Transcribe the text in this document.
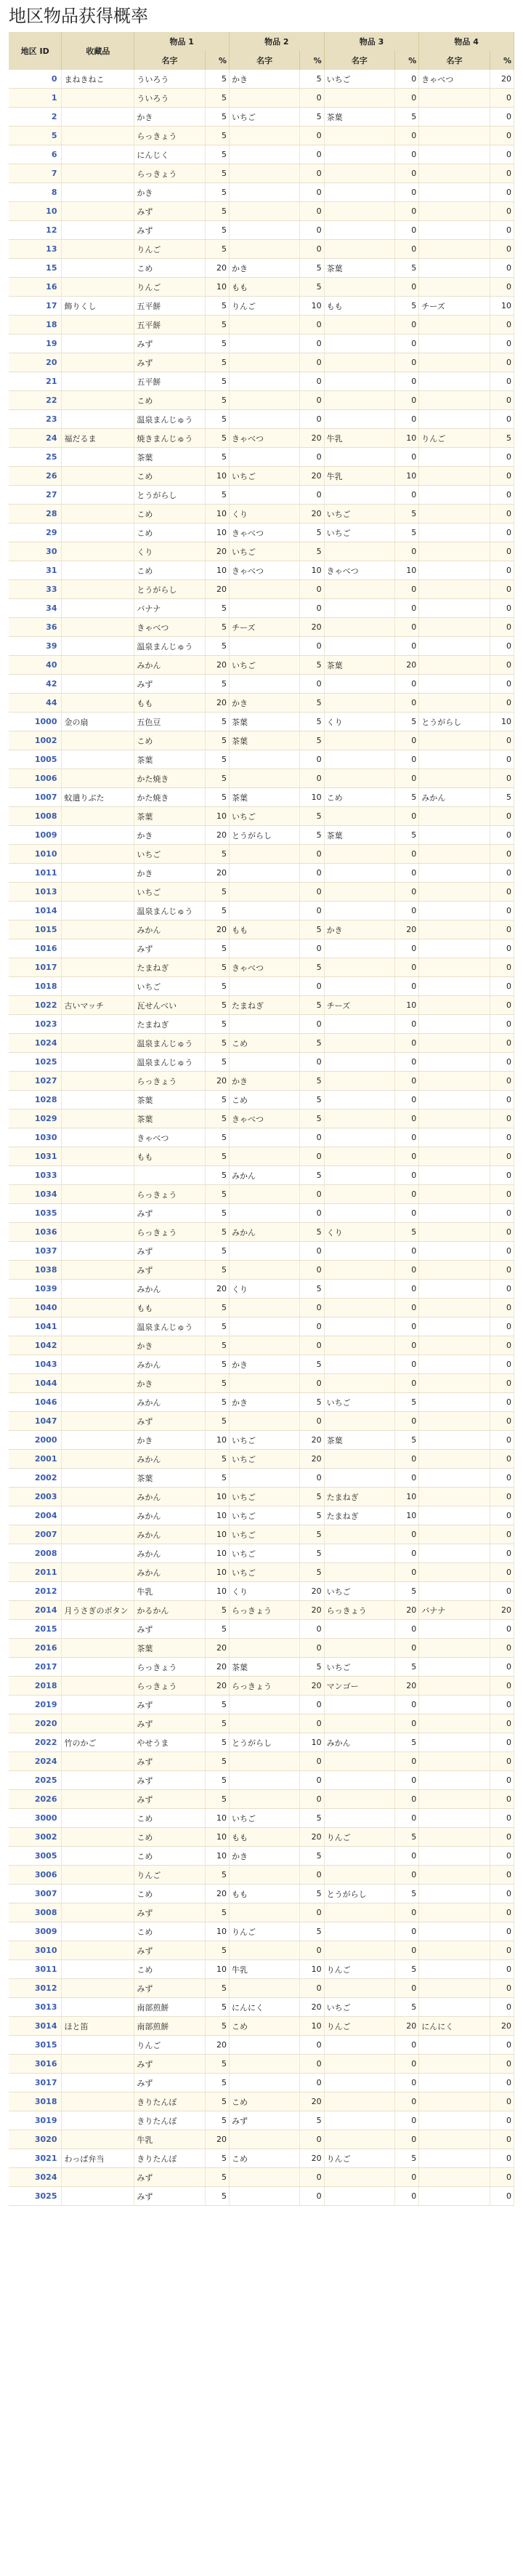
地区物品获得概率
地区 ID	收藏品	物品 1		物品 2		物品 3		物品 4	
		名字	%	名字	%	名字	%	名字	%
0	まねきねこ	ういろう	5	かき	5	いちご	0	きゃべつ	20
1		ういろう	5		0		0		0
2		かき	5	いちご	5	茶葉	5		0
5		らっきょう	5		0		0		0
6		にんじく	5		0		0		0
7		らっきょう	5		0		0		0
8		かき	5		0		0		0
10		みず	5		0		0		0
12		みず	5		0		0		0
13		りんご	5		0		0		0
15		こめ	20	かき	5	茶葉	5		0
16		りんご	10	もも	5		0		0
17	飾りくし	五平餅	5	りんご	10	もも	5	チーズ	10
18		五平餅	5		0		0		0
19		みず	5		0		0		0
20		みず	5		0		0		0
21		五平餅	5		0		0		0
22		こめ	5		0		0		0
23		温泉まんじゅう	5		0		0		0
24	福だるま	焼きまんじゅう	5	きゃべつ	20	牛乳	10	りんご	5
25		茶葉	5		0		0		0
26		こめ	10	いちご	20	牛乳	10		0
27		とうがらし	5		0		0		0
28		こめ	10	くり	20	いちご	5		0
29		こめ	10	きゃべつ	5	いちご	5		0
30		くり	20	いちご	5		0		0
31		こめ	10	きゃべつ	10	きゃべつ	10		0
33		とうがらし	20		0		0		0
34		バナナ	5		0		0		0
36		きゃべつ	5	チーズ	20		0		0
39		温泉まんじゅう	5		0		0		0
40		みかん	20	いちご	5	茶葉	20		0
42		みず	5		0		0		0
44		もも	20	かき	5		0		0
1000	金の扇	五色豆	5	茶葉	5	くり	5	とうがらし	10
1002		こめ	5	茶葉	5		0		0
1005		茶葉	5		0		0		0
1006		かた焼き	5		0		0		0
1007	蚊遣りぶた	かた焼き	5	茶葉	10	こめ	5	みかん	5
1008		茶葉	10	いちご	5		0		0
1009		かき	20	とうがらし	5	茶葉	5		0
1010		いちご	5		0		0		0
1011		かき	20		0		0		0
1013		いちご	5		0		0		0
1014		温泉まんじゅう	5		0		0		0
1015		みかん	20	もも	5	かき	20		0
1016		みず	5		0		0		0
1017		たまねぎ	5	きゃべつ	5		0		0
1018		いちご	5		0		0		0
1022	古いマッチ	瓦せんべい	5	たまねぎ	5	チーズ	10		0
1023		たまねぎ	5		0		0		0
1024		温泉まんじゅう	5	こめ	5		0		0
1025		温泉まんじゅう	5		0		0		0
1027		らっきょう	20	かき	5		0		0
1028		茶葉	5	こめ	5		0		0
1029		茶葉	5	きゃべつ	5		0		0
1030		きゃべつ	5		0		0		0
1031		もも	5		0		0		0
1033			5	みかん	5		0		0
1034		らっきょう	5		0		0		0
1035		みず	5		0		0		0
1036		らっきょう	5	みかん	5	くり	5		0
1037		みず	5		0		0		0
1038		みず	5		0		0		0
1039		みかん	20	くり	5		0		0
1040		もも	5		0		0		0
1041		温泉まんじゅう	5		0		0		0
1042		かき	5		0		0		0
1043		みかん	5	かき	5		0		0
1044		かき	5		0		0		0
1046		みかん	5	かき	5	いちご	5		0
1047		みず	5		0		0		0
2000		かき	10	いちご	20	茶葉	5		0
2001		みかん	5	いちご	20		0		0
2002		茶葉	5		0		0		0
2003		みかん	10	いちご	5	たまねぎ	10		0
2004		みかん	10	いちご	5	たまねぎ	10		0
2007		みかん	10	いちご	5		0		0
2008		みかん	10	いちご	5		0		0
2011		みかん	10	いちご	5		0		0
2012		牛乳	10	くり	20	いちご	5		0
2014	月うさぎのボタン	かるかん	5	らっきょう	20	らっきょう	20	バナナ	20
2015		みず	5		0		0		0
2016		茶葉	20		0		0		0
2017		らっきょう	20	茶葉	5	いちご	5		0
2018		らっきょう	20	らっきょう	20	マンゴー	20		0
2019		みず	5		0		0		0
2020		みず	5		0		0		0
2022	竹のかご	やせうま	5	とうがらし	10	みかん	5		0
2024		みず	5		0		0		0
2025		みず	5		0		0		0
2026		みず	5		0		0		0
3000		こめ	10	いちご	5		0		0
3002		こめ	10	もも	20	りんご	5		0
3005		こめ	10	かき	5		0		0
3006		りんご	5		0		0		0
3007		こめ	20	もも	5	とうがらし	5		0
3008		みず	5		0		0		0
3009		こめ	10	りんご	5		0		0
3010		みず	5		0		0		0
3011		こめ	10	牛乳	10	りんご	5		0
3012		みず	5		0		0		0
3013		南部煎餅	5	にんにく	20	いちご	5		0
3014	ほと笛	南部煎餅	5	こめ	10	りんご	20	にんにく	20
3015		りんご	20		0		0		0
3016		みず	5		0		0		0
3017		みず	5		0		0		0
3018		きりたんぽ	5	こめ	20		0		0
3019		きりたんぽ	5	みず	5		0		0
3020		牛乳	20		0		0		0
3021	わっぱ弁当	きりたんぽ	5	こめ	20	りんご	5		0
3024		みず	5		0		0		0
3025		みず	5		0		0		0
